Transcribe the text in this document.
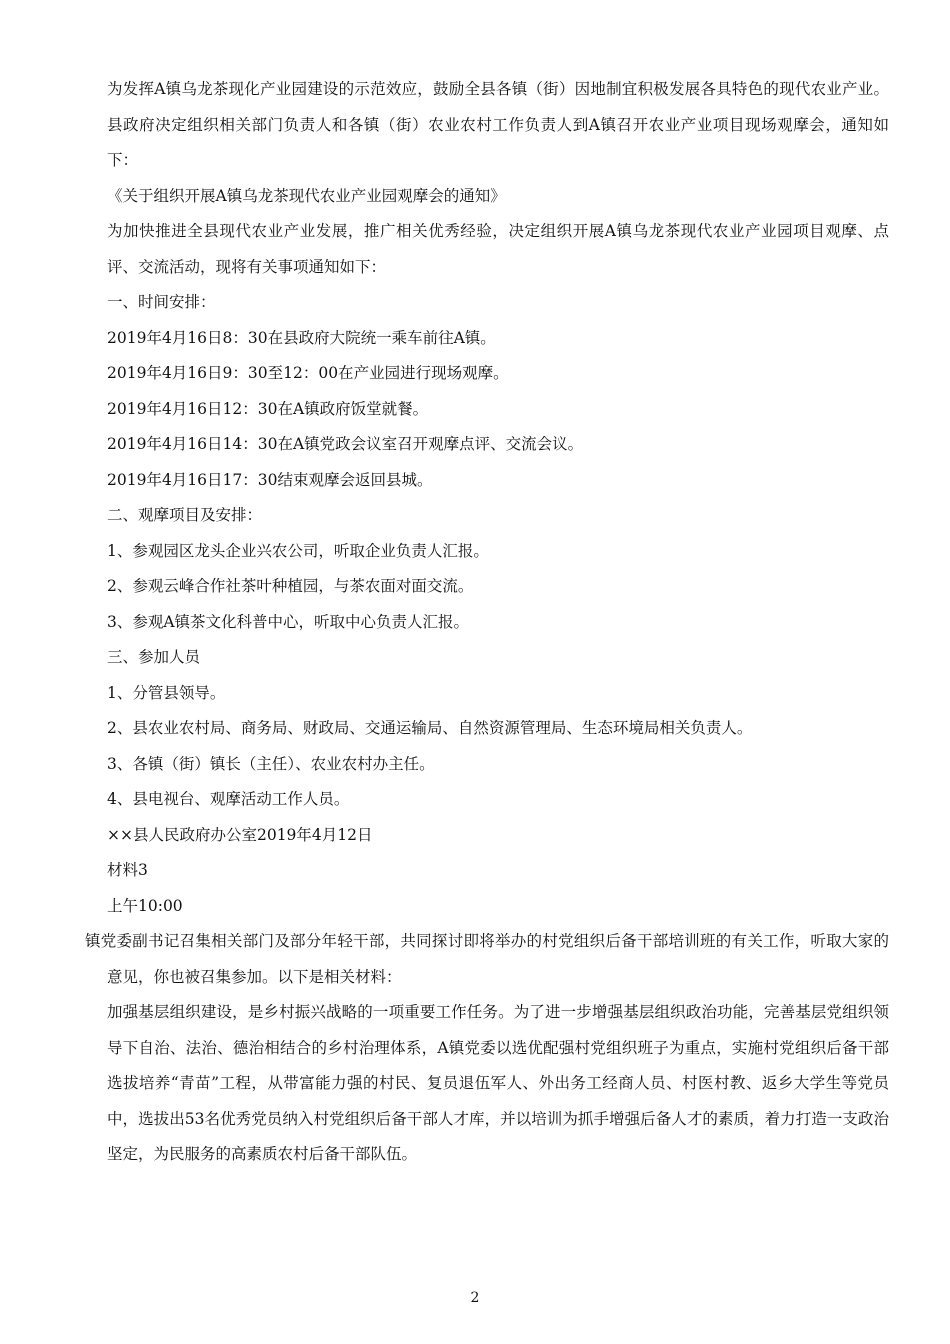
为发挥A镇乌龙茶现化产业园建设的示范效应，鼓励全县各镇（街）因地制宜积极发展各具特色的现代农业产业。县政府决定组织相关部门负责人和各镇（街）农业农村工作负责人到A镇召开农业产业项目现场观摩会，通知如下：

《关于组织开展A镇乌龙茶现代农业产业园观摩会的通知》

为加快推进全县现代农业产业发展，推广相关优秀经验，决定组织开展A镇乌龙茶现代农业产业园项目观摩、点评、交流活动，现将有关事项通知如下：

一、时间安排：

2019年4月16日8：30在县政府大院统一乘车前往A镇。

2019年4月16日9：30至12：00在产业园进行现场观摩。

2019年4月16日12：30在A镇政府饭堂就餐。

2019年4月16日14：30在A镇党政会议室召开观摩点评、交流会议。

2019年4月16日17：30结束观摩会返回县城。

二、观摩项目及安排：

1、参观园区龙头企业兴农公司，听取企业负责人汇报。

2、参观云峰合作社茶叶种植园，与茶农面对面交流。

3、参观A镇茶文化科普中心，听取中心负责人汇报。

三、参加人员

1、分管县领导。

2、县农业农村局、商务局、财政局、交通运输局、自然资源管理局、生态环境局相关负责人。

3、各镇（街）镇长（主任）、农业农村办主任。

4、县电视台、观摩活动工作人员。

××县人民政府办公室2019年4月12日

材料3

上午10:00

镇党委副书记召集相关部门及部分年轻干部，共同探讨即将举办的村党组织后备干部培训班的有关工作，听取大家的意见，你也被召集参加。以下是相关材料：

加强基层组织建设，是乡村振兴战略的一项重要工作任务。为了进一步增强基层组织政治功能，完善基层党组织领导下自治、法治、德治相结合的乡村治理体系，A镇党委以选优配强村党组织班子为重点，实施村党组织后备干部选拔培养“青苗”工程，从带富能力强的村民、复员退伍军人、外出务工经商人员、村医村教、返乡大学生等党员中，选拔出53名优秀党员纳入村党组织后备干部人才库，并以培训为抓手增强后备人才的素质，着力打造一支政治坚定，为民服务的高素质农村后备干部队伍。

2
